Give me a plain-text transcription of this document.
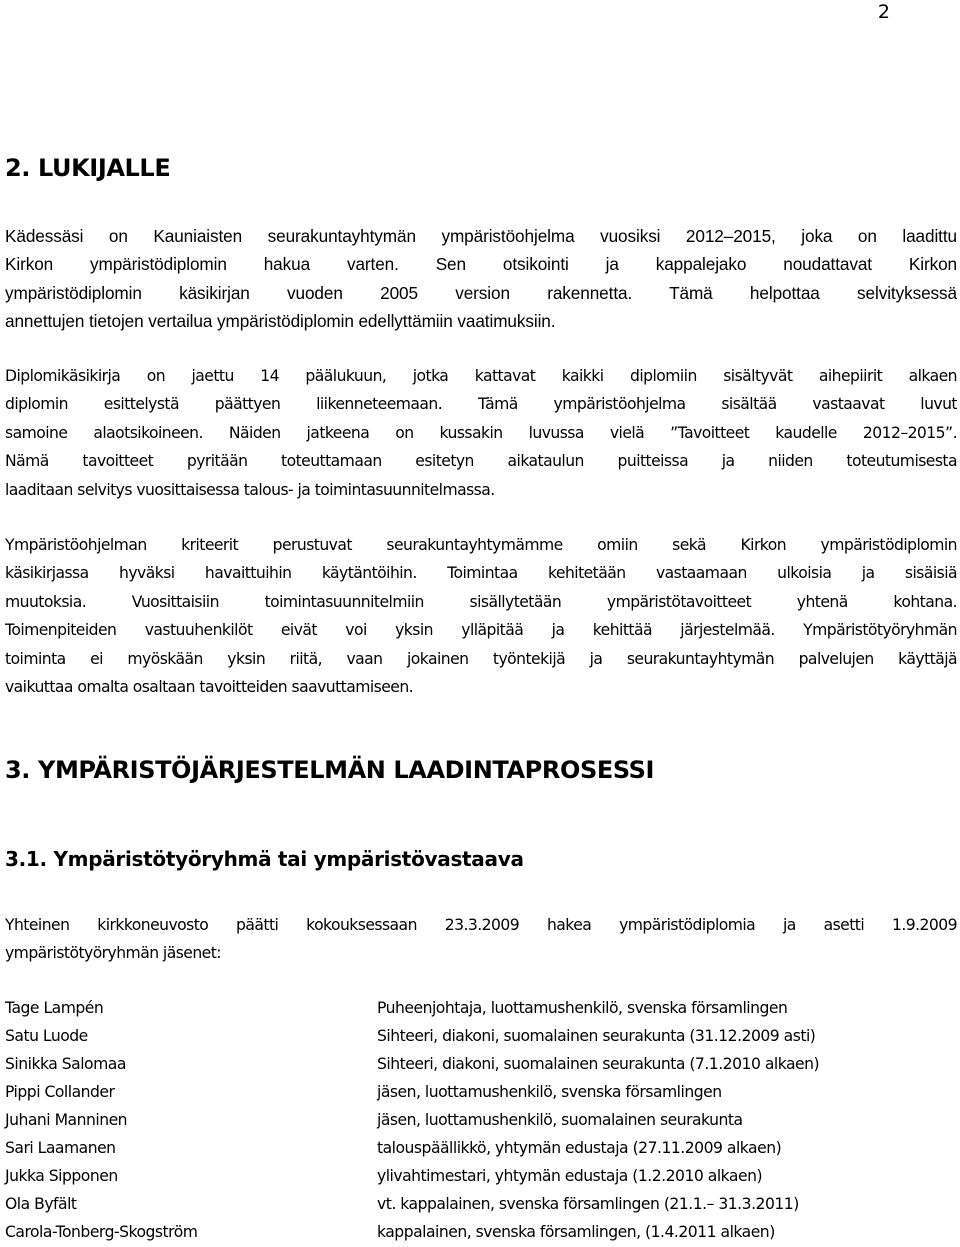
2
2. LUKIJALLE
Kädessäsi on Kauniaisten seurakuntayhtymän ympäristöohjelma vuosiksi 2012–2015, joka on laadittu
Kirkon ympäristödiplomin hakua varten. Sen otsikointi ja kappalejako noudattavat Kirkon
ympäristödiplomin käsikirjan vuoden 2005 version rakennetta. Tämä helpottaa selvityksessä
annettujen tietojen vertailua ympäristödiplomin edellyttämiin vaatimuksiin.
Diplomikäsikirja on jaettu 14 päälukuun, jotka kattavat kaikki diplomiin sisältyvät aihepiirit alkaen
diplomin esittelystä päättyen liikenneteemaan. Tämä ympäristöohjelma sisältää vastaavat luvut
samoine alaotsikoineen. Näiden jatkeena on kussakin luvussa vielä ”Tavoitteet kaudelle 2012–2015”.
Nämä tavoitteet pyritään toteuttamaan esitetyn aikataulun puitteissa ja niiden toteutumisesta
laaditaan selvitys vuosittaisessa talous- ja toimintasuunnitelmassa.
Ympäristöohjelman kriteerit perustuvat seurakuntayhtymämme omiin sekä Kirkon ympäristödiplomin
käsikirjassa hyväksi havaittuihin käytäntöihin. Toimintaa kehitetään vastaamaan ulkoisia ja sisäisiä
muutoksia. Vuosittaisiin toimintasuunnitelmiin sisällytetään ympäristötavoitteet yhtenä kohtana.
Toimenpiteiden vastuuhenkilöt eivät voi yksin ylläpitää ja kehittää järjestelmää. Ympäristötyöryhmän
toiminta ei myöskään yksin riitä, vaan jokainen työntekijä ja seurakuntayhtymän palvelujen käyttäjä
vaikuttaa omalta osaltaan tavoitteiden saavuttamiseen.
3. YMPÄRISTÖJÄRJESTELMÄN LAADINTAPROSESSI
3.1. Ympäristötyöryhmä tai ympäristövastaava
Yhteinen kirkkoneuvosto päätti kokouksessaan 23.3.2009 hakea ympäristödiplomia ja asetti 1.9.2009
ympäristötyöryhmän jäsenet:
Tage Lampén	Puheenjohtaja, luottamushenkilö, svenska församlingen
Satu Luode	Sihteeri, diakoni, suomalainen seurakunta (31.12.2009 asti)
Sinikka Salomaa	Sihteeri, diakoni, suomalainen seurakunta (7.1.2010 alkaen)
Pippi Collander	jäsen, luottamushenkilö, svenska församlingen
Juhani Manninen	jäsen, luottamushenkilö, suomalainen seurakunta
Sari Laamanen	talouspäällikkö, yhtymän edustaja (27.11.2009 alkaen)
Jukka Sipponen	ylivahtimestari, yhtymän edustaja (1.2.2010 alkaen)
Ola Byfält	vt. kappalainen, svenska församlingen (21.1.– 31.3.2011)
Carola-Tonberg-Skogström	kappalainen, svenska församlingen, (1.4.2011 alkaen)
